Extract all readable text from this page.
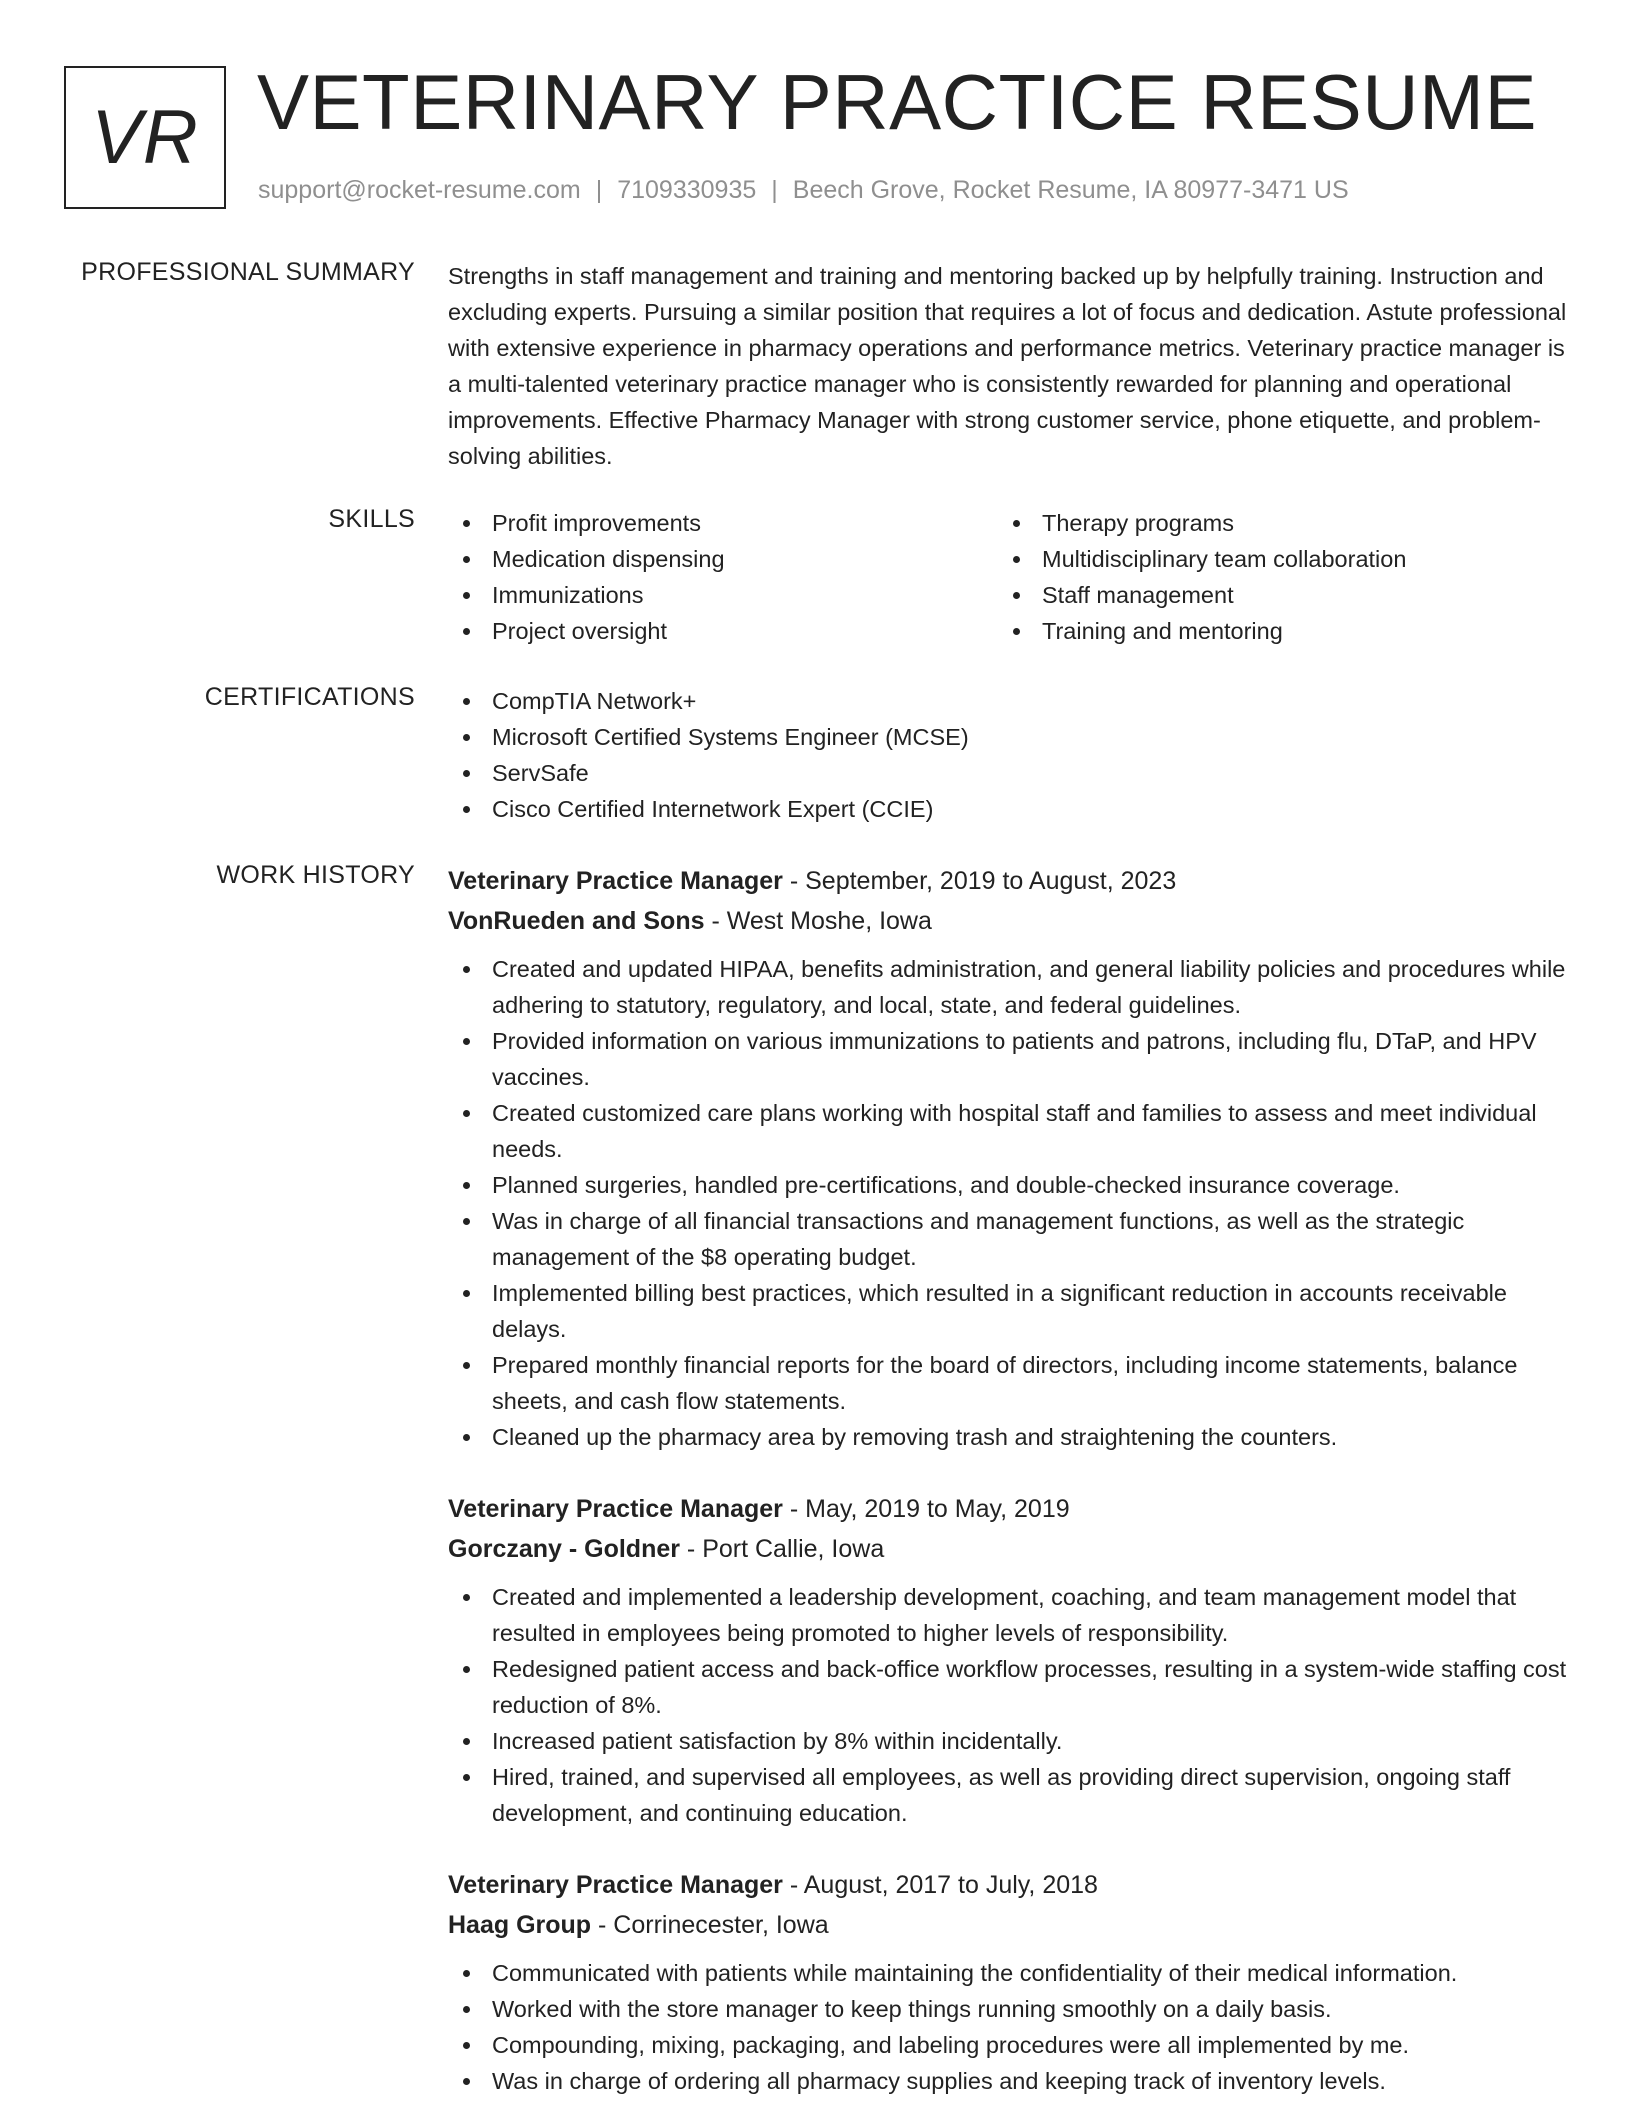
VR VETERINARY PRACTICE RESUME
support@rocket-resume.com | 7109330935 | Beech Grove, Rocket Resume, IA 80977-3471 US
PROFESSIONAL SUMMARY Strengths in staff management and training and mentoring backed up by helpfully training. Instruction and excluding experts. Pursuing a similar position that requires a lot of focus and dedication. Astute professional with extensive experience in pharmacy operations and performance metrics. Veterinary practice manager is a multi-talented veterinary practice manager who is consistently rewarded for planning and operational improvements. Effective Pharmacy Manager with strong customer service, phone etiquette, and problem-solving abilities.

SKILLS	Profit improvements
Medication dispensing
Immunizations
Project oversight
Therapy programs
Multidisciplinary team collaboration
Staff management
Training and mentoring
CERTIFICATIONS	CompTIA Network+
Microsoft Certified Systems Engineer (MCSE)
ServSafe
Cisco Certified Internetwork Expert (CCIE)
WORK HISTORY Veterinary Practice Manager - September, 2019 to August, 2023
VonRueden and Sons - West Moshe, Iowa
Created and updated HIPAA, benefits administration, and general liability policies and procedures while adhering to statutory, regulatory, and local, state, and federal guidelines.
Provided information on various immunizations to patients and patrons, including flu, DTaP, and HPV vaccines.
Created customized care plans working with hospital staff and families to assess and meet individual needs.
Planned surgeries, handled pre-certifications, and double-checked insurance coverage.
Was in charge of all financial transactions and management functions, as well as the strategic management of the $8 operating budget.
Implemented billing best practices, which resulted in a significant reduction in accounts receivable delays.
Prepared monthly financial reports for the board of directors, including income statements, balance sheets, and cash flow statements.
Cleaned up the pharmacy area by removing trash and straightening the counters.
Veterinary Practice Manager - May, 2019 to May, 2019
Gorczany - Goldner - Port Callie, Iowa
Created and implemented a leadership development, coaching, and team management model that resulted in employees being promoted to higher levels of responsibility.
Redesigned patient access and back-office workflow processes, resulting in a system-wide staffing cost reduction of 8%.
Increased patient satisfaction by 8% within incidentally.
Hired, trained, and supervised all employees, as well as providing direct supervision, ongoing staff development, and continuing education.
Veterinary Practice Manager - August, 2017 to July, 2018
Haag Group - Corrinecester, Iowa
Communicated with patients while maintaining the confidentiality of their medical information.
Worked with the store manager to keep things running smoothly on a daily basis.
Compounding, mixing, packaging, and labeling procedures were all implemented by me.
Was in charge of ordering all pharmacy supplies and keeping track of inventory levels.
